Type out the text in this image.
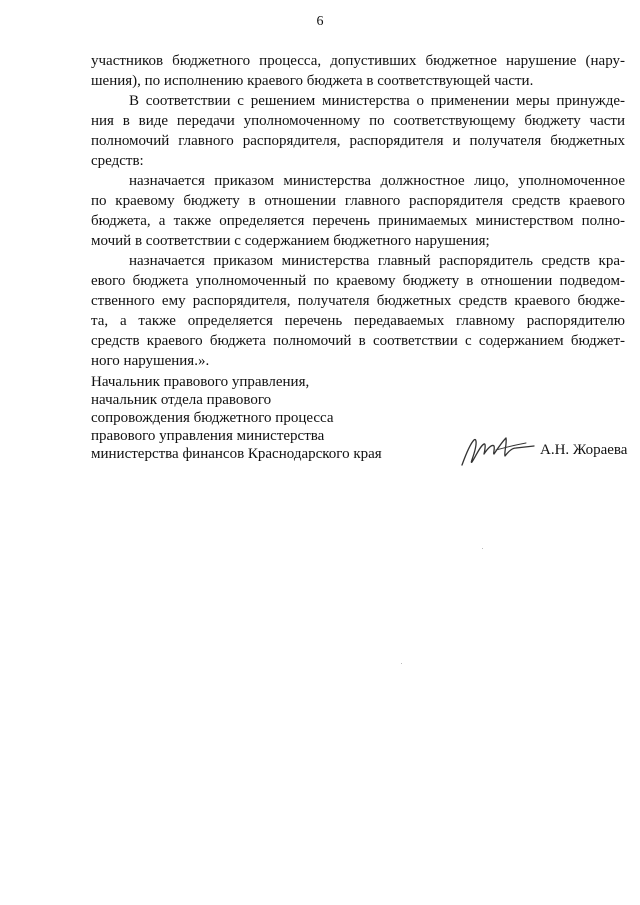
6

участников бюджетного процесса, допустивших бюджетное нарушение (нару-
шения), по исполнению краевого бюджета в соответствующей части.

В соответствии с решением министерства о применении меры принужде-
ния в виде передачи уполномоченному по соответствующему бюджету части
полномочий главного распорядителя, распорядителя и получателя бюджетных
средств:

назначается приказом министерства должностное лицо, уполномоченное
по краевому бюджету в отношении главного распорядителя средств краевого
бюджета, а также определяется перечень принимаемых министерством полно-
мочий в соответствии с содержанием бюджетного нарушения;

назначается приказом министерства главный распорядитель средств кра-
евого бюджета уполномоченный по краевому бюджету в отношении подведом-
ственного ему распорядителя, получателя бюджетных средств краевого бюдже-
та, а также определяется перечень передаваемых главному распорядителю
средств краевого бюджета полномочий в соответствии с содержанием бюджет-
ного нарушения.».

Начальник правового управления,
начальник отдела правового
сопровождения бюджетного процесса
правового управления министерства
министерства финансов Краснодарского края	А.Н. Жораева
